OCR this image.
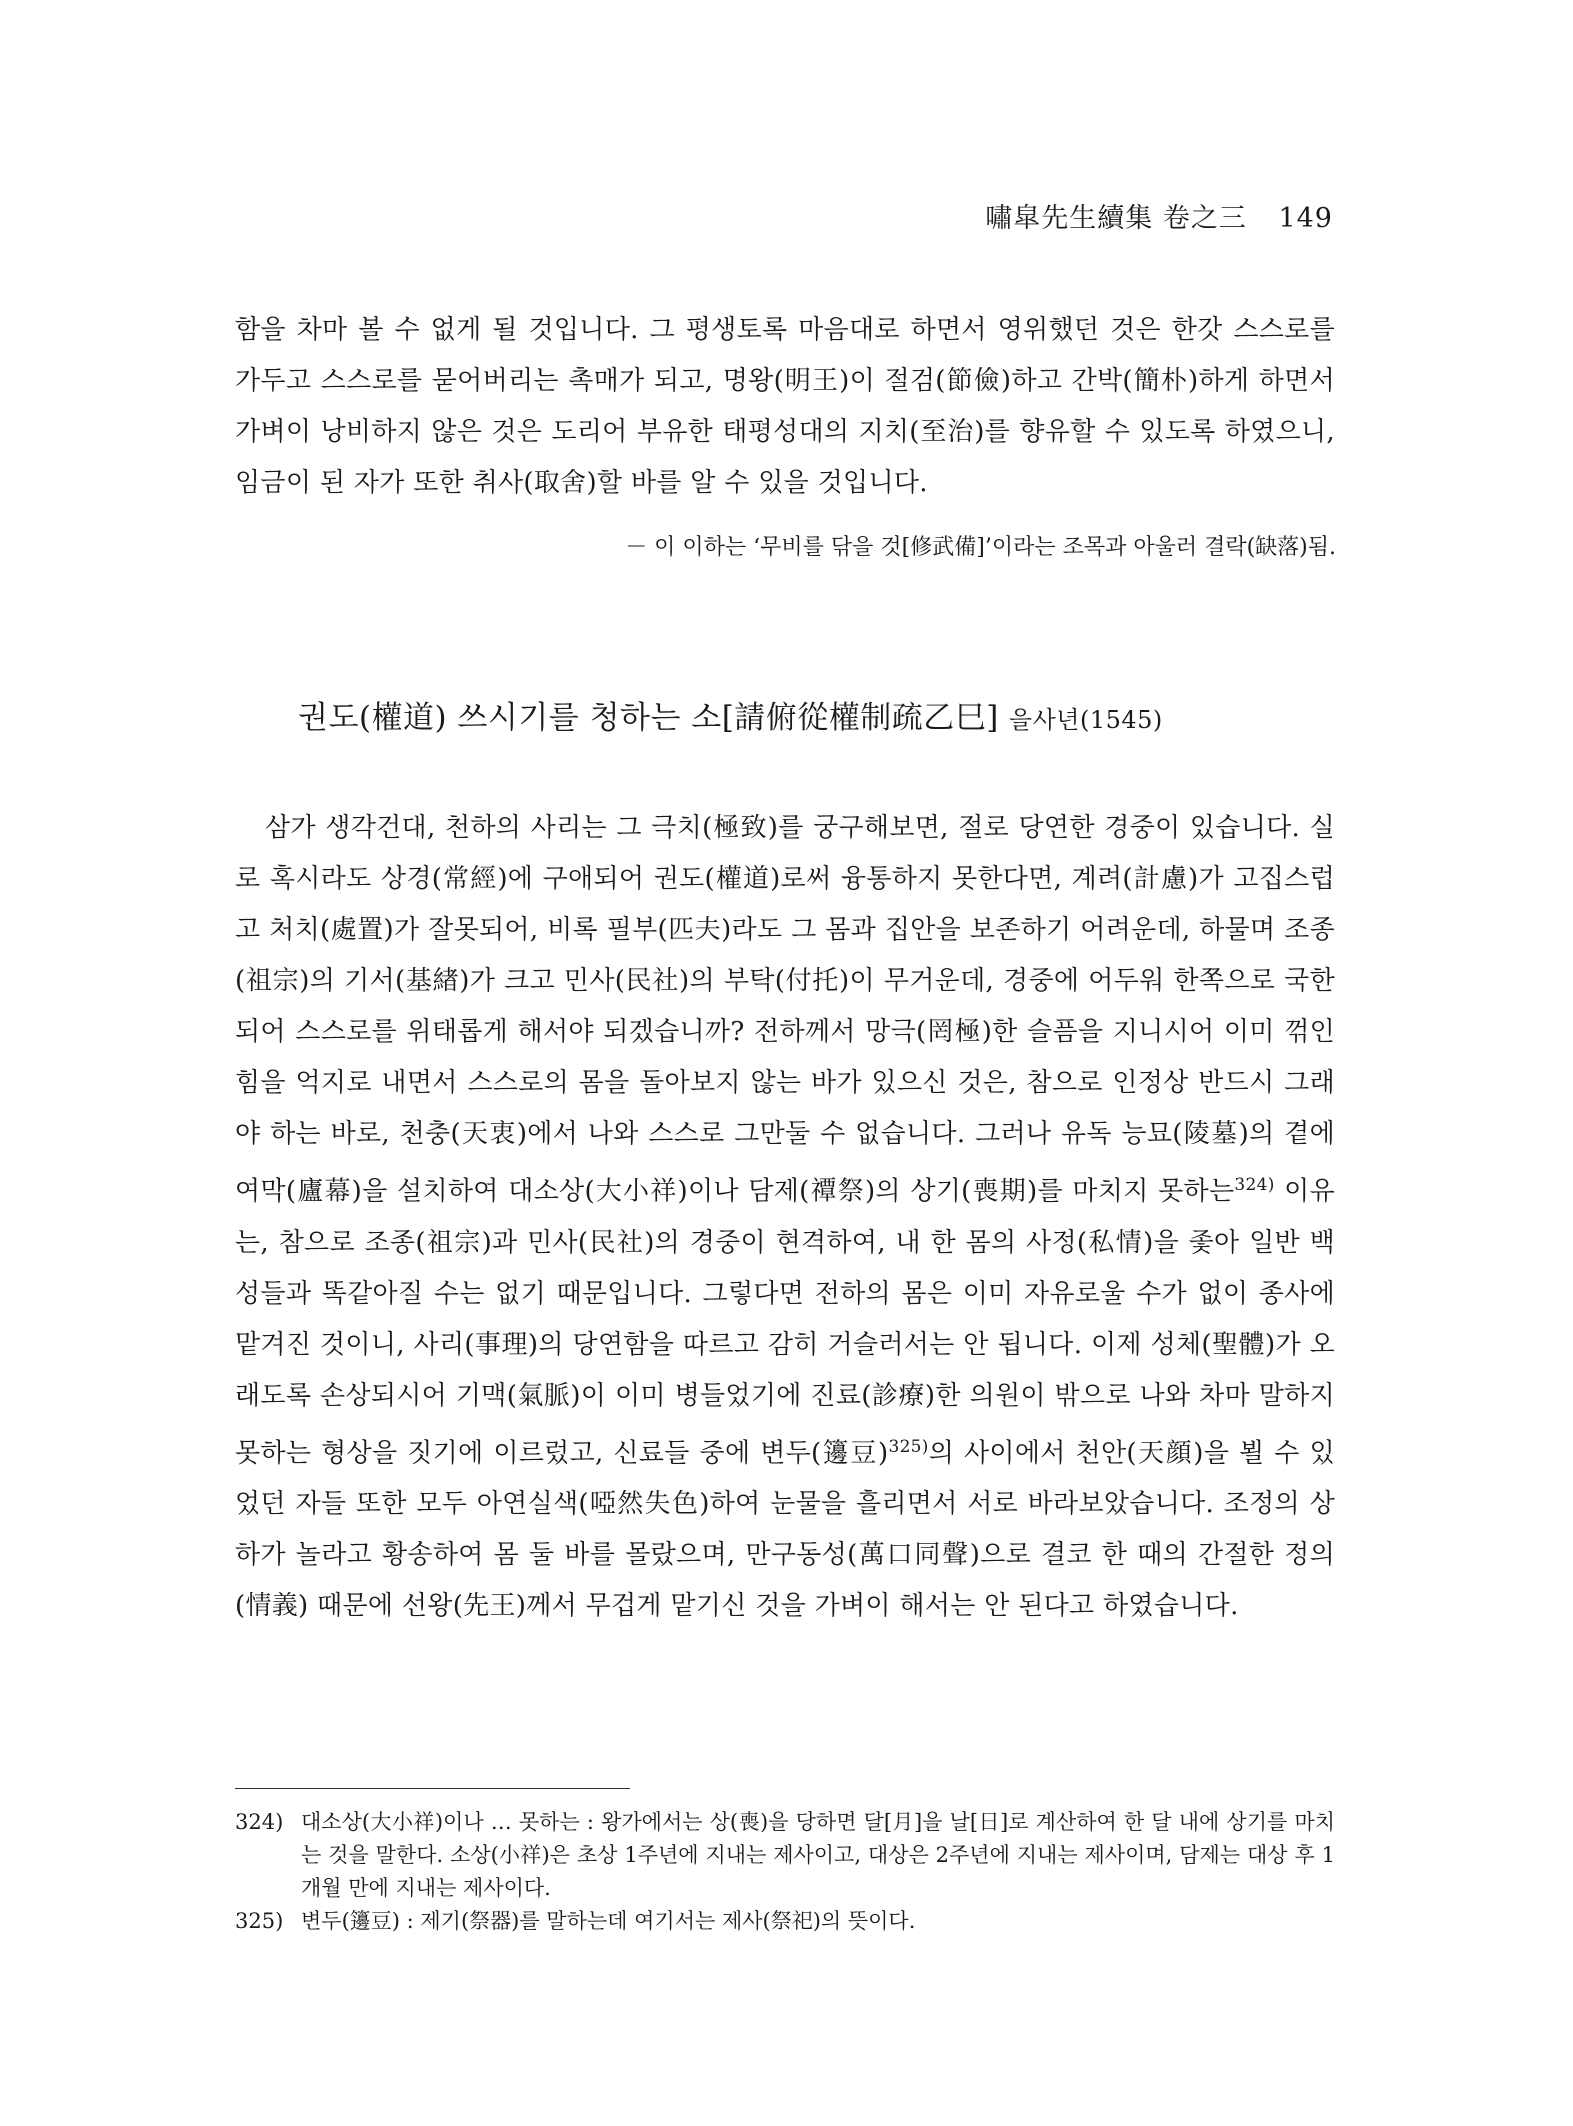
嘯皐先生續集 卷之三 149

함을 차마 볼 수 없게 될 것입니다. 그 평생토록 마음대로 하면서 영위했던 것은 한갓 스스로를 가두고 스스로를 묻어버리는 촉매가 되고, 명왕(明王)이 절검(節儉)하고 간박(簡朴)하게 하면서 가벼이 낭비하지 않은 것은 도리어 부유한 태평성대의 지치(至治)를 향유할 수 있도록 하였으니, 임금이 된 자가 또한 취사(取舍)할 바를 알 수 있을 것입니다.

－ 이 이하는 ‘무비를 닦을 것[修武備]’이라는 조목과 아울러 결락(缺落)됨.
권도(權道) 쓰시기를 청하는 소[請俯從權制疏乙巳] 을사년(1545)

삼가 생각건대, 천하의 사리는 그 극치(極致)를 궁구해보면, 절로 당연한 경중이 있습니다. 실로 혹시라도 상경(常經)에 구애되어 권도(權道)로써 융통하지 못한다면, 계려(計慮)가 고집스럽고 처치(處置)가 잘못되어, 비록 필부(匹夫)라도 그 몸과 집안을 보존하기 어려운데, 하물며 조종(祖宗)의 기서(基緖)가 크고 민사(民社)의 부탁(付托)이 무거운데, 경중에 어두워 한쪽으로 국한되어 스스로를 위태롭게 해서야 되겠습니까? 전하께서 망극(罔極)한 슬픔을 지니시어 이미 꺾인 힘을 억지로 내면서 스스로의 몸을 돌아보지 않는 바가 있으신 것은, 참으로 인정상 반드시 그래야 하는 바로, 천충(天衷)에서 나와 스스로 그만둘 수 없습니다. 그러나 유독 능묘(陵墓)의 곁에 여막(廬幕)을 설치하여 대소상(大小祥)이나 담제(禫祭)의 상기(喪期)를 마치지 못하는$^{324)}$ 이유는, 참으로 조종(祖宗)과 민사(民社)의 경중이 현격하여, 내 한 몸의 사정(私情)을 좇아 일반 백성들과 똑같아질 수는 없기 때문입니다. 그렇다면 전하의 몸은 이미 자유로울 수가 없이 종사에 맡겨진 것이니, 사리(事理)의 당연함을 따르고 감히 거슬러서는 안 됩니다. 이제 성체(聖體)가 오래도록 손상되시어 기맥(氣脈)이 이미 병들었기에 진료(診療)한 의원이 밖으로 나와 차마 말하지 못하는 형상을 짓기에 이르렀고, 신료들 중에 변두(籩豆)$^{325)}$의 사이에서 천안(天顔)을 뵐 수 있었던 자들 또한 모두 아연실색(啞然失色)하여 눈물을 흘리면서 서로 바라보았습니다. 조정의 상하가 놀라고 황송하여 몸 둘 바를 몰랐으며, 만구동성(萬口同聲)으로 결코 한 때의 간절한 정의(情義) 때문에 선왕(先王)께서 무겁게 맡기신 것을 가벼이 해서는 안 된다고 하였습니다.

324) 대소상(大小祥)이나 … 못하는 : 왕가에서는 상(喪)을 당하면 달[月]을 날[日]로 계산하여 한 달 내에 상기를 마치는 것을 말한다. 소상(小祥)은 초상 1주년에 지내는 제사이고, 대상은 2주년에 지내는 제사이며, 담제는 대상 후 1개월 만에 지내는 제사이다.
325) 변두(籩豆) : 제기(祭器)를 말하는데 여기서는 제사(祭祀)의 뜻이다.
